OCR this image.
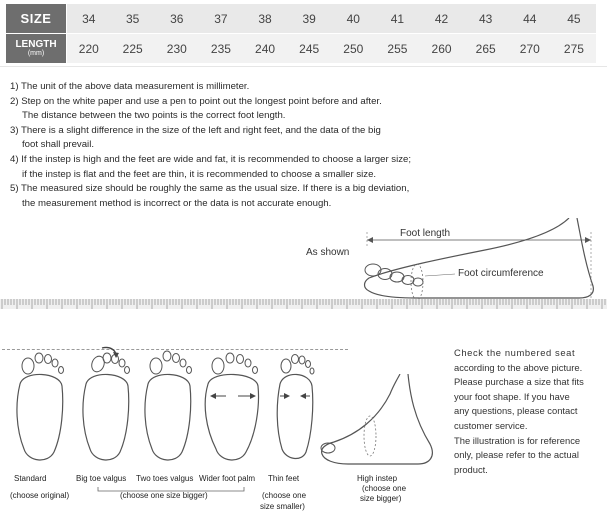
SIZE	34	35	36	37	38	39	40	41	42	43	44	45
LENGTH
(mm)	220	225	230	235	240	245	250	255	260	265	270	275

1) The unit of the above data measurement is millimeter.

2) Step on the white paper and use a pen to point out the longest point before and after.

The distance between the two points is the correct foot length.

3) There is a slight difference in the size of the left and right feet, and the data of the big

foot shall prevail.

4) If the instep is high and the feet are wide and fat, it is recommended to choose a larger size;

if the instep is flat and the feet are thin, it is recommended to choose a smaller size.

5) The measured size should be roughly the same as the usual size. If there is a big deviation,

the measurement method is incorrect or the data is not accurate enough.

Foot length
Foot circumference
As shown
Standard	Big toe valgus Two toes valgus Wider foot palm Thin feet
(choose original)	(choose one size bigger)	(choose one
size smaller)
High instep
(choose one
size bigger)

Check the numbered seat

according to the above picture.

Please purchase a size that fits

your foot shape. If you have

any questions, please contact

customer service.

The illustration is for reference

only, please refer to the actual

product.
